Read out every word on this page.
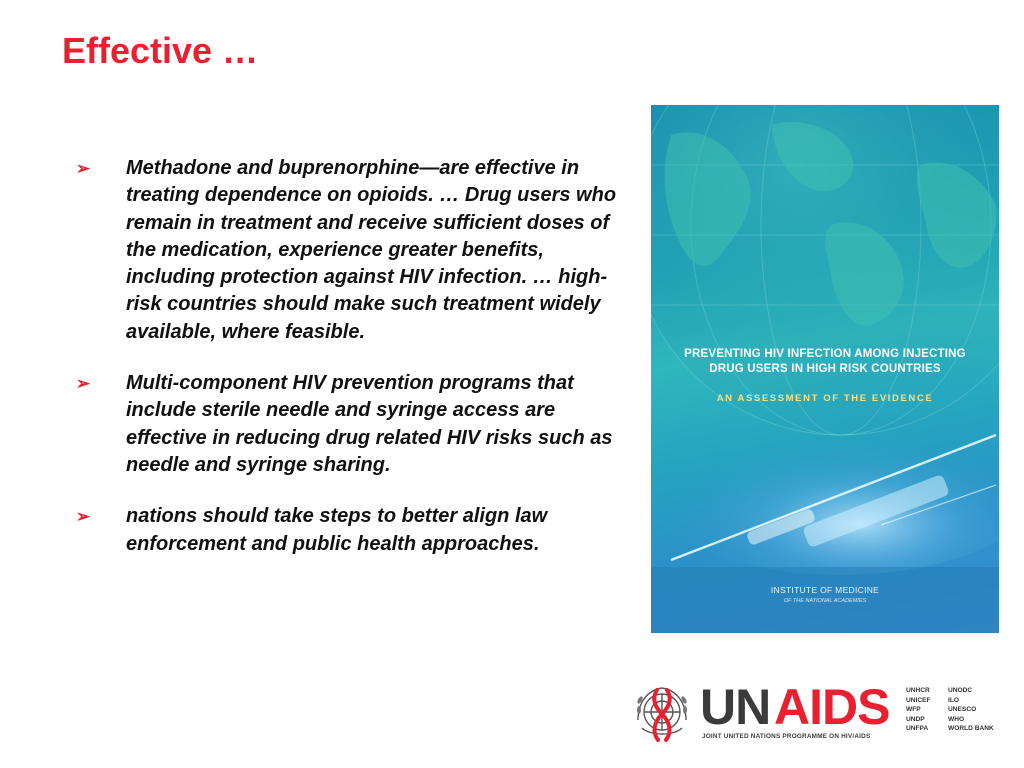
Effective …
➢ Methadone and buprenorphine—are effective in treating dependence on opioids. … Drug users who remain in treatment and receive sufficient doses of the medication, experience greater benefits, including protection against HIV infection. … high-risk countries should make such treatment widely available, where feasible.
➢ Multi-component HIV prevention programs that include sterile needle and syringe access are effective in reducing drug related HIV risks such as needle and syringe sharing.
➢ nations should take steps to better align law enforcement and public health approaches.

PREVENTING HIV INFECTION AMONG INJECTING
DRUG USERS IN HIGH RISK COUNTRIES

AN ASSESSMENT OF THE EVIDENCE
INSTITUTE OF MEDICINE
OF THE NATIONAL ACADEMIES
UN AIDS
JOINT UNITED NATIONS PROGRAMME ON HIV/AIDS
UNHCR
UNICEF
WFP
UNDP
UNFPA
UNODC
ILO
UNESCO
WHO
WORLD BANK
